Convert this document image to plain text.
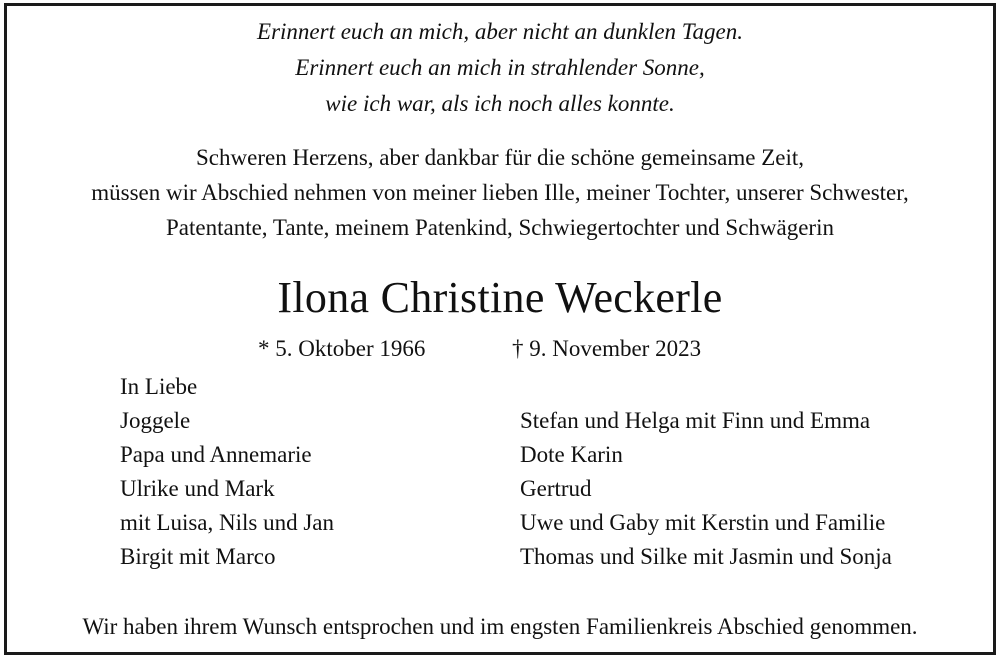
Erinnert euch an mich, aber nicht an dunklen Tagen.
Erinnert euch an mich in strahlender Sonne,
wie ich war, als ich noch alles konnte.
Schweren Herzens, aber dankbar für die schöne gemeinsame Zeit,
müssen wir Abschied nehmen von meiner lieben Ille, meiner Tochter, unserer Schwester,
Patentante, Tante, meinem Patenkind, Schwiegertochter und Schwägerin
Ilona Christine Weckerle
* 5. Oktober 1966	† 9. November 2023
In Liebe
Joggele
Papa und Annemarie
Ulrike und Mark
mit Luisa, Nils und Jan
Birgit mit Marco
Stefan und Helga mit Finn und Emma
Dote Karin
Gertrud
Uwe und Gaby mit Kerstin und Familie
Thomas und Silke mit Jasmin und Sonja
Wir haben ihrem Wunsch entsprochen und im engsten Familienkreis Abschied genommen.
